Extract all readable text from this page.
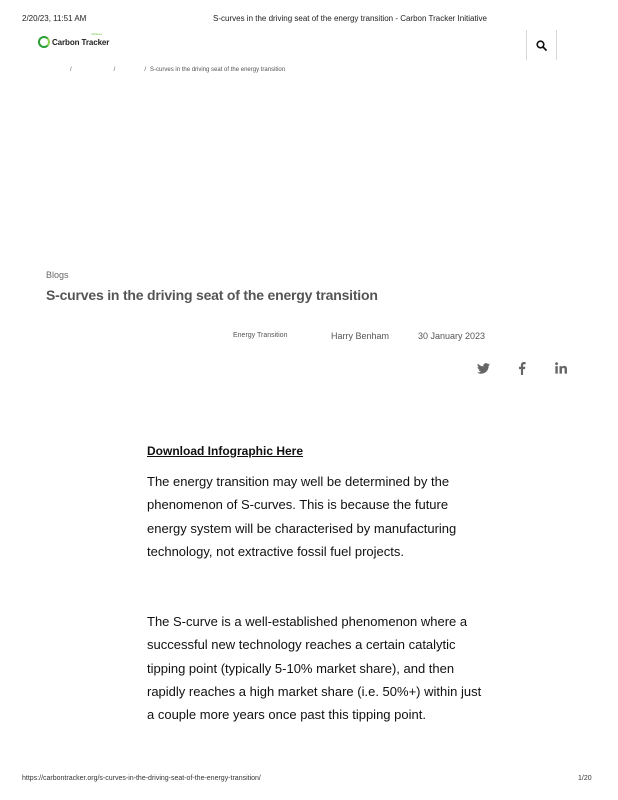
2/20/23, 11:51 AM	S-curves in the driving seat of the energy transition - Carbon Tracker Initiative
Carbon Tracker
Initiative
/	/	/ S-curves in the driving seat of the energy transition
Blogs
S-curves in the driving seat of the energy transition
Energy Transition	Harry Benham	30 January 2023
Download Infographic Here

The energy transition may well be determined by the phenomenon of S-curves. This is because the future energy system will be characterised by manufacturing technology, not extractive fossil fuel projects.

The S-curve is a well-established phenomenon where a successful new technology reaches a certain catalytic tipping point (typically 5-10% market share), and then rapidly reaches a high market share (i.e. 50%+) within just a couple more years once past this tipping point.

https://carbontracker.org/s-curves-in-the-driving-seat-of-the-energy-transition/	1/20
